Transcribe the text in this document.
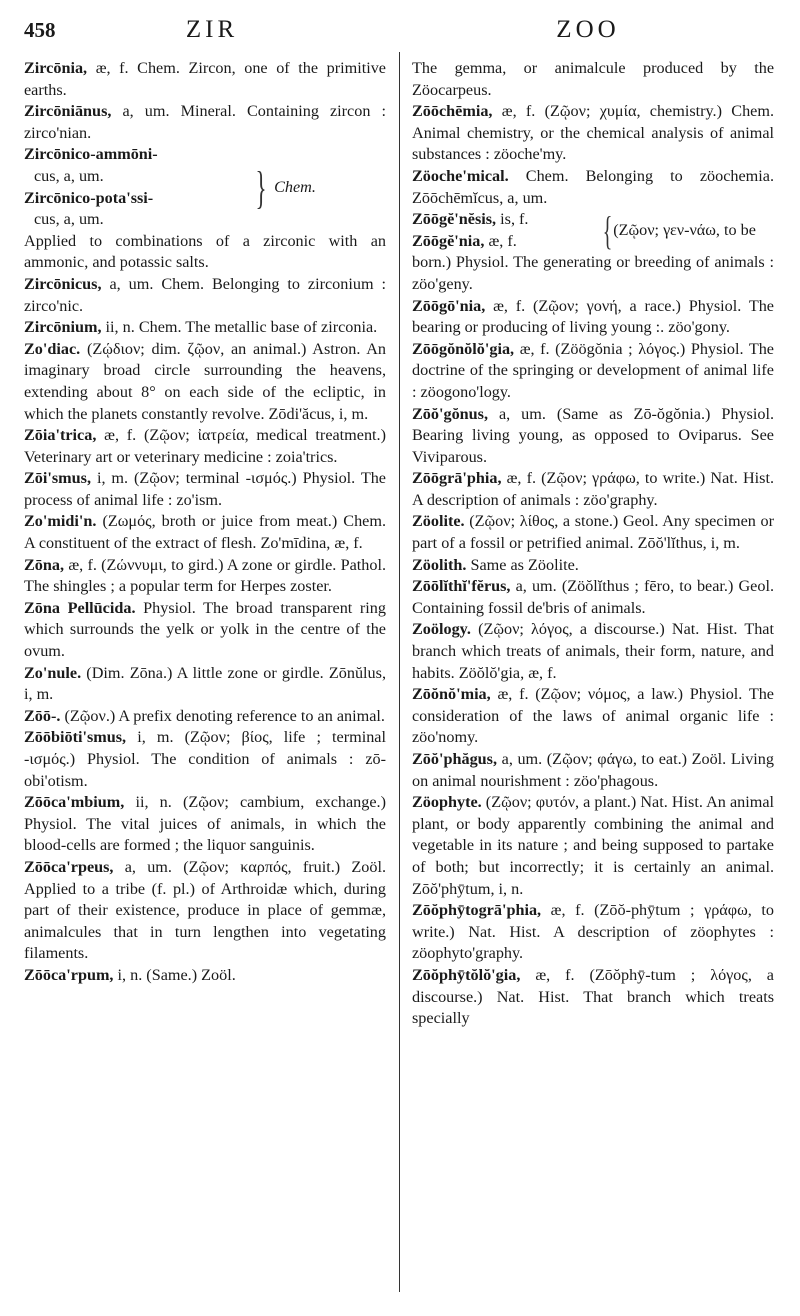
458	ZIR	ZOO

Zircōnia, æ, f. Chem. Zircon, one of the primitive earths.

Zircōniānus, a, um. Mineral. Containing zircon : zirco'nian.

Zircōnico-ammōni-
cus, a, um.
Zircōnico-pota'ssi-
cus, a, um.
} Chem.

Applied to combinations of a zirconic with an ammonic, and potassic salts.

Zircōnicus, a, um. Chem. Belonging to zirconium : zirco'nic.

Zircōnium, ii, n. Chem. The metallic base of zirconia.

Zo'diac. (Ζῴδιον; dim. ζῷον, an animal.) Astron. An imaginary broad circle surrounding the heavens, extending about 8° on each side of the ecliptic, in which the planets constantly revolve. Zōdi'ăcus, i, m.

Zōia'trica, æ, f. (Ζῷον; ἰατρεία, medical treatment.) Veterinary art or veterinary medicine : zoia'trics.

Zōi'smus, i, m. (Ζῷον; terminal -ισμός.) Physiol. The process of animal life : zo'ism.

Zo'midi'n. (Ζωμός, broth or juice from meat.) Chem. A constituent of the extract of flesh. Zo'mīdina, æ, f.

Zōna, æ, f. (Ζώννυμι, to gird.) A zone or girdle. Pathol. The shingles ; a popular term for Herpes zoster.

Zōna Pellūcida. Physiol. The broad transparent ring which surrounds the yelk or yolk in the centre of the ovum.

Zo'nule. (Dim. Zōna.) A little zone or girdle. Zōnŭlus, i, m.

Zōō-. (Ζῷον.) A prefix denoting reference to an animal.

Zōōbiōti'smus, i, m. (Ζῷον; βίος, life ; terminal -ισμός.) Physiol. The condition of animals : zō-obi'otism.

Zōōca'mbium, ii, n. (Ζῷον; cambium, exchange.) Physiol. The vital juices of animals, in which the blood-cells are formed ; the liquor sanguinis.

Zōōca'rpeus, a, um. (Ζῷον; καρπός, fruit.) Zoöl. Applied to a tribe (f. pl.) of Arthroidæ which, during part of their existence, produce in place of gemmæ, animalcules that in turn lengthen into vegetating filaments.

Zōōca'rpum, i, n. (Same.) Zoöl.

The gemma, or animalcule produced by the Zöocarpeus.

Zōōchēmia, æ, f. (Ζῷον; χυμία, chemistry.) Chem. Animal chemistry, or the chemical analysis of animal substances : zöoche'my.

Zöoche'mical. Chem. Belonging to zöochemia. Zōōchēmĭcus, a, um.

Zōōgĕ'nĕsis, is, f.
Zōōgĕ'nia, æ, f.	{ (Ζῷον; γεν-νάω, to be

born.) Physiol. The generating or breeding of animals : zöo'geny.

Zōōgō'nia, æ, f. (Ζῷον; γονή, a race.) Physiol. The bearing or producing of living young :. zöo'gony.

Zōōgŏnŏlŏ'gia, æ, f. (Zöögŏnia ; λόγος.) Physiol. The doctrine of the springing or development of animal life : zöogono'logy.

Zōŏ'gŏnus, a, um. (Same as Zō-ŏgŏnia.) Physiol. Bearing living young, as opposed to Oviparus. See Viviparous.

Zōōgrā'phia, æ, f. (Ζῷον; γράφω, to write.) Nat. Hist. A description of animals : zöo'graphy.

Zöolite. (Ζῷον; λίθος, a stone.) Geol. Any specimen or part of a fossil or petrified animal. Zōŏ'lĭthus, i, m.

Zöolith. Same as Zöolite.

Zōōlĭthĭ'fĕrus, a, um. (Zöŏlĭthus ; fēro, to bear.) Geol. Containing fossil de'bris of animals.

Zoölogy. (Ζῷον; λόγος, a discourse.) Nat. Hist. That branch which treats of animals, their form, nature, and habits. Zöŏlŏ'gia, æ, f.

Zōŏnŏ'mia, æ, f. (Ζῷον; νόμος, a law.) Physiol. The consideration of the laws of animal organic life : zöo'nomy.

Zōŏ'phăgus, a, um. (Ζῷον; φάγω, to eat.) Zoöl. Living on animal nourishment : zöo'phagous.

Zöophyte. (Ζῷον; φυτόν, a plant.) Nat. Hist. An animal plant, or body apparently combining the animal and vegetable in its nature ; and being supposed to partake of both; but incorrectly; it is certainly an animal. Zōŏ'phȳtum, i, n.

Zōŏphȳtogrā'phia, æ, f. (Zōŏ-phȳtum ; γράφω, to write.) Nat. Hist. A description of zöophytes : zöophyto'graphy.

Zōŏphȳtŏlŏ'gia, æ, f. (Zōŏphȳ-tum ; λόγος, a discourse.) Nat. Hist. That branch which treats specially
